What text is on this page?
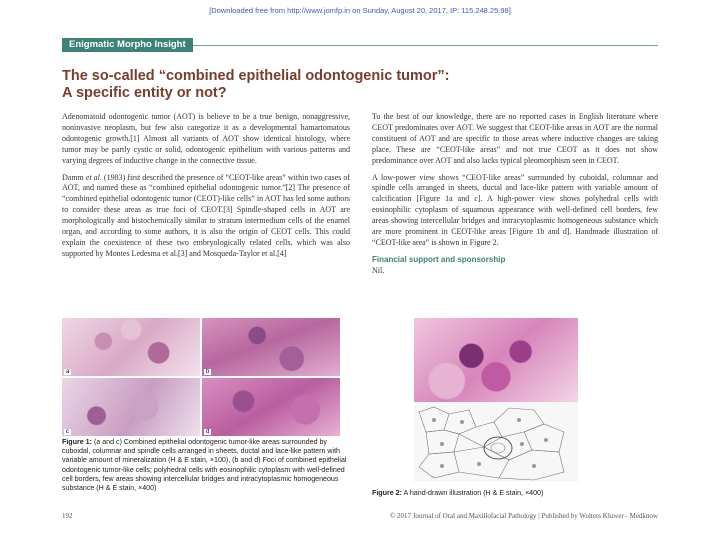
[Downloaded free from http://www.jomfp.in on Sunday, August 20, 2017, IP: 115.248.25.98]
Enigmatic Morpho Insight
The so-called “combined epithelial odontogenic tumor”:
A specific entity or not?

Adenomatoid odontogenic tumor (AOT) is believe to be a true benign, nonaggressive, noninvasive neoplasm, but few also categorize it as a developmental hamartomatous odontogenic growth.[1] Almost all variants of AOT show identical histology, where tumor may be partly cystic or solid, odontogenic epithelium with various patterns and varying degrees of inductive change in the connective tissue.

Damm et al. (1983) first described the presence of “CEOT-like areas” within two cases of AOT, and named these as “combined epithelial odontogenic tumor.”[2] The presence of “combined epithelial odontogenic tumor (CEOT)-like cells” in AOT has led some authors to consider these areas as true foci of CEOT.[3] Spindle-shaped cells in AOT are morphologically and histochemically similar to stratum intermedium cells of the enamel organ, and according to some authors, it is also the origin of CEOT cells. This could explain the coexistence of these two embryologically related cells, which was also supported by Montes Ledesma et al.[3] and Mosqueda-Taylor et al.[4]

To the best of our knowledge, there are no reported cases in English literature where CEOT predominates over AOT. We suggest that CEOT-like areas in AOT are the normal constituent of AOT and are specific to those areas where inductive changes are taking place. These are “CEOT-like areas” and not true CEOT as it does not show predominance over AOT and also lacks typical pleomorphism seen in CEOT.

A low-power view shows “CEOT-like areas” surrounded by cuboidal, columnar and spindle cells arranged in sheets, ductal and lace-like pattern with variable amount of calcification [Figure 1a and c]. A high-power view shows polyhedral cells with eosinophilic cytoplasm of squamous appearance with well-defined cell borders, few areas showing intercellular bridges and intracytoplasmic homogeneous substance which are more prominent in CEOT-like areas [Figure 1b and d]. Handmade illustration of “CEOT-like area” is shown in Figure 2.

Financial support and sponsorship
Nil.
a	b
c	d
Figure 1: (a and c) Combined epithelial odontogenic tumor-like areas surrounded by cuboidal, columnar and spindle cells arranged in sheets, ductal and lace-like pattern with variable amount of mineralization (H & E stain, ×100), (b and d) Foci of combined epithelial odontogenic tumor-like cells; polyhedral cells with eosinophilic cytoplasm with well-defined cell borders, few areas showing intercellular bridges and intracytoplasmic homogeneous substance (H & E stain, ×400)
Figure 2: A hand-drawn illustration (H & E stain, ×400)
192	© 2017 Journal of Oral and Maxillofacial Pathology | Published by Wolters Kluwer - Medknow
